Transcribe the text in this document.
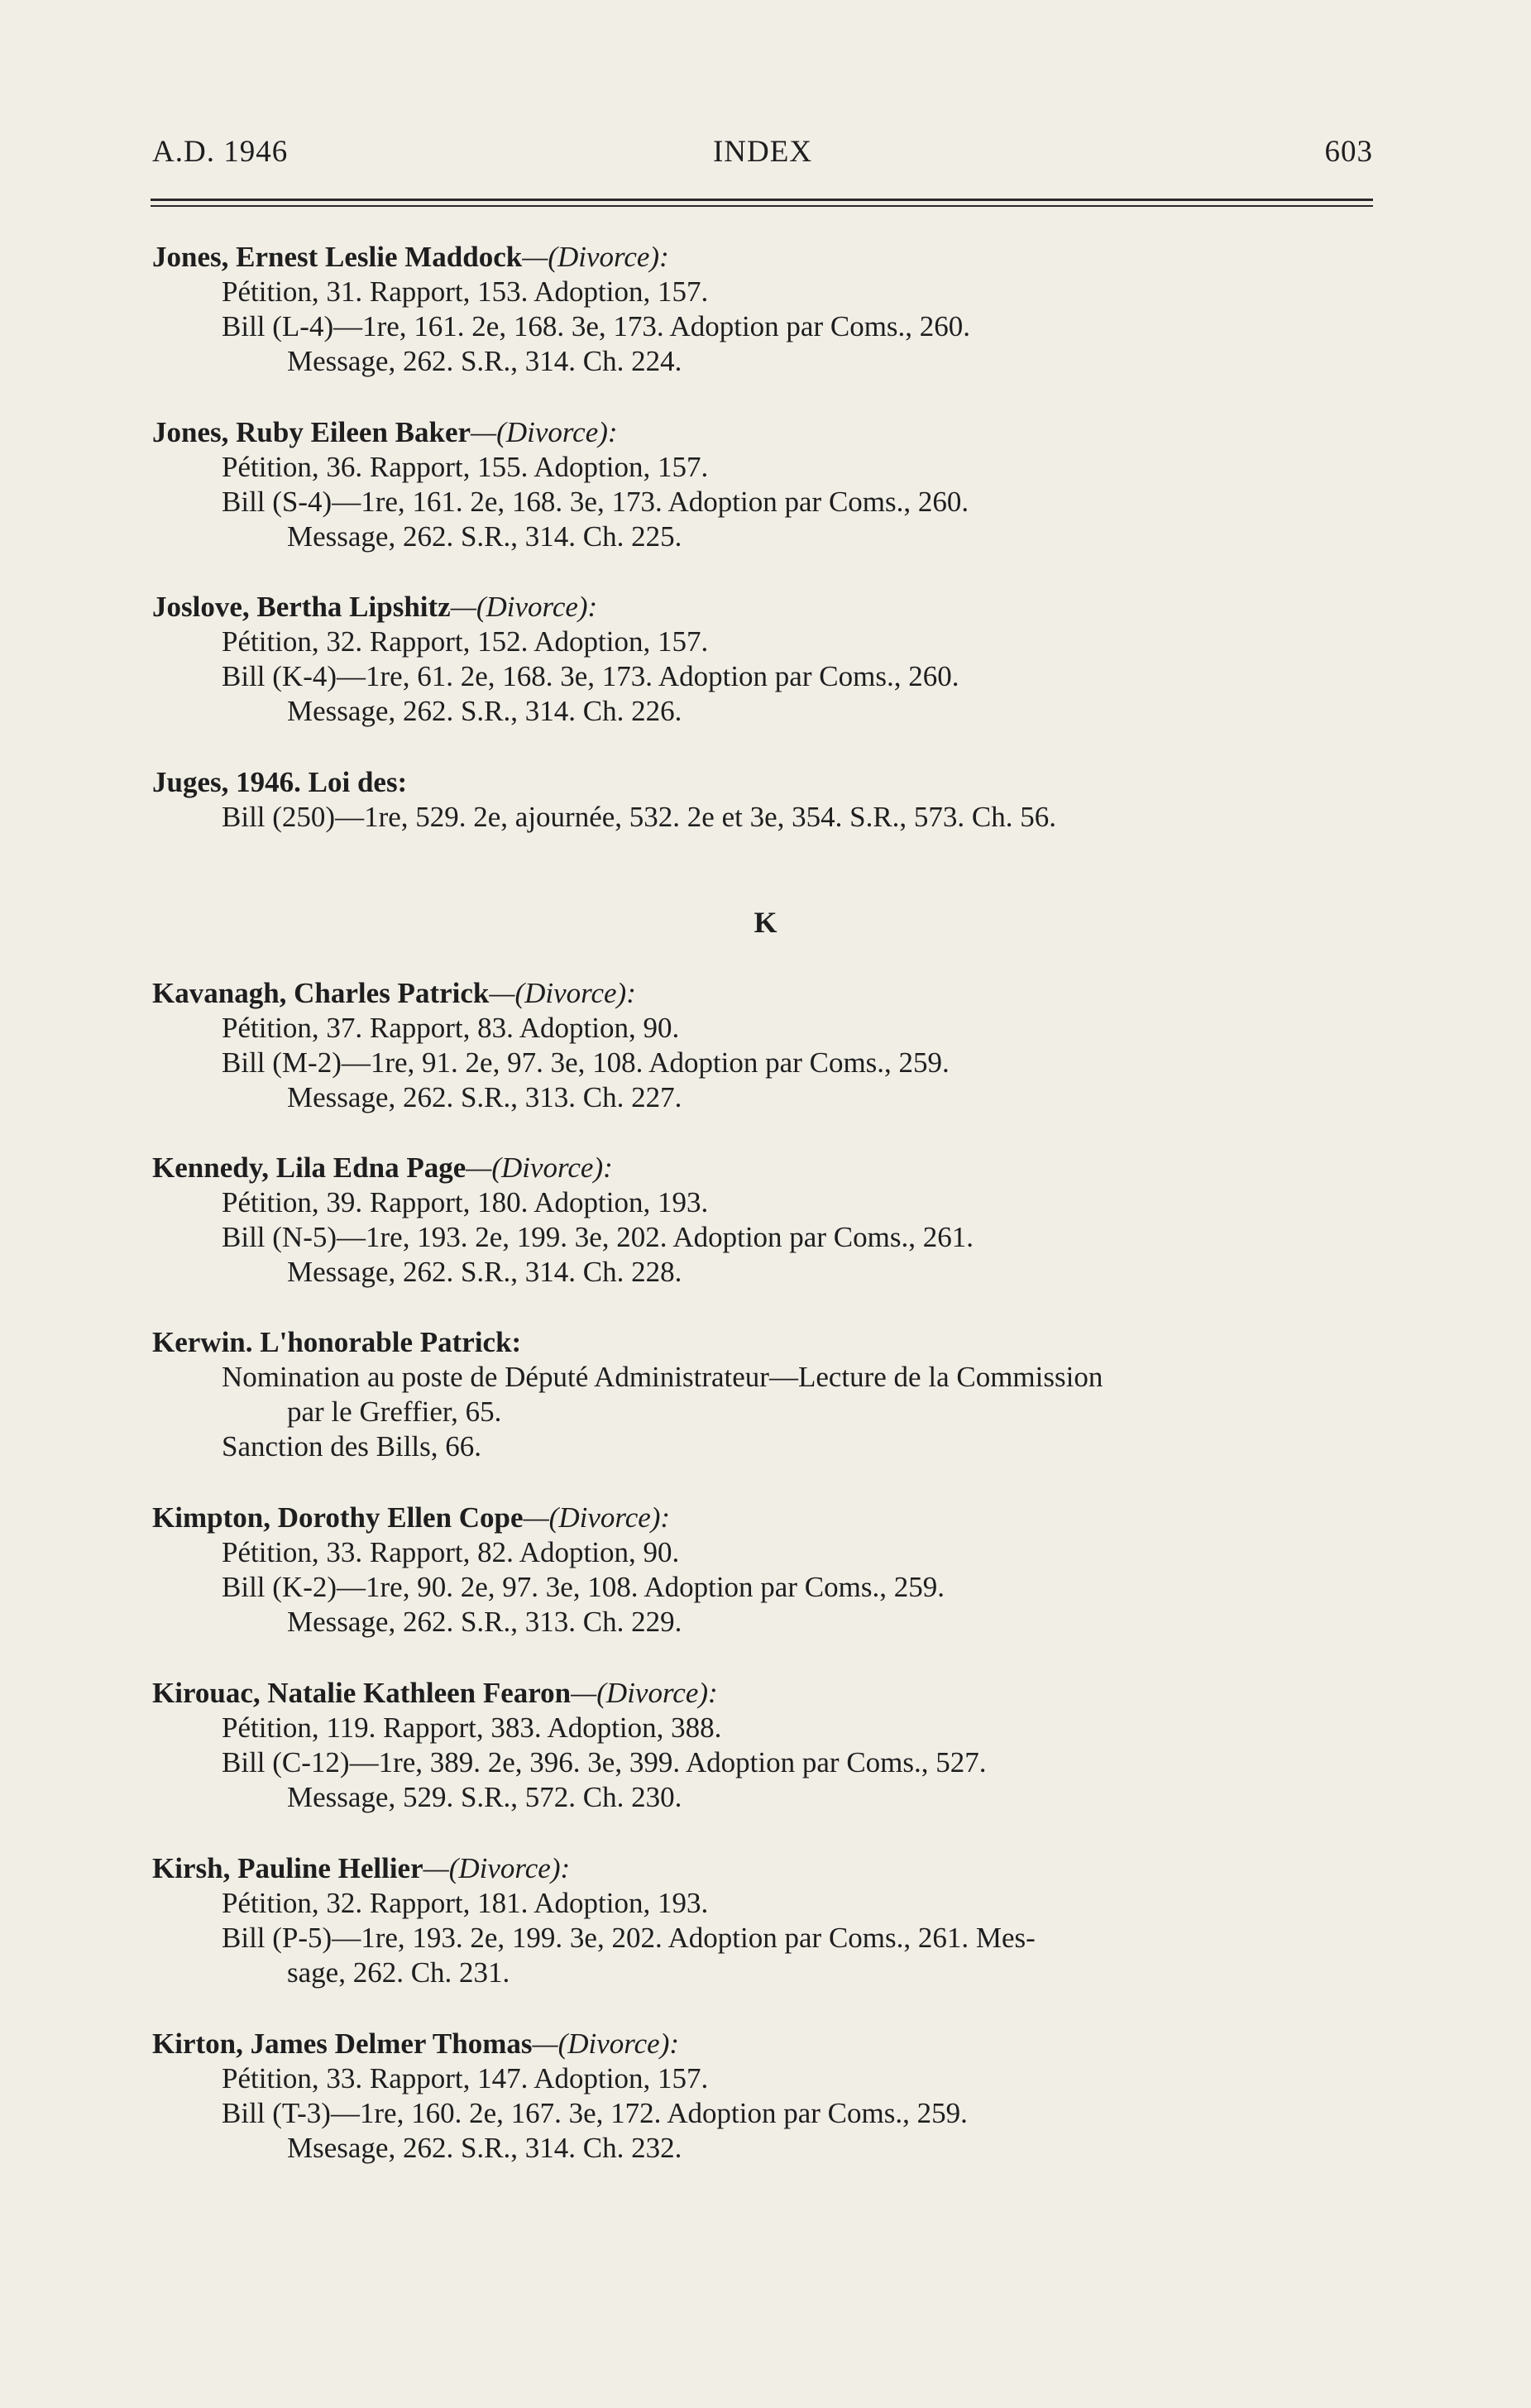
A.D. 1946	INDEX	603
Jones, Ernest Leslie Maddock—(Divorce):
Pétition, 31. Rapport, 153. Adoption, 157.
Bill (L-4)—1re, 161. 2e, 168. 3e, 173. Adoption par Coms., 260.
Message, 262. S.R., 314. Ch. 224.
Jones, Ruby Eileen Baker—(Divorce):
Pétition, 36. Rapport, 155. Adoption, 157.
Bill (S-4)—1re, 161. 2e, 168. 3e, 173. Adoption par Coms., 260.
Message, 262. S.R., 314. Ch. 225.
Joslove, Bertha Lipshitz—(Divorce):
Pétition, 32. Rapport, 152. Adoption, 157.
Bill (K-4)—1re, 61. 2e, 168. 3e, 173. Adoption par Coms., 260.
Message, 262. S.R., 314. Ch. 226.
Juges, 1946. Loi des:
Bill (250)—1re, 529. 2e, ajournée, 532. 2e et 3e, 354. S.R., 573. Ch. 56.
K
Kavanagh, Charles Patrick—(Divorce):
Pétition, 37. Rapport, 83. Adoption, 90.
Bill (M-2)—1re, 91. 2e, 97. 3e, 108. Adoption par Coms., 259.
Message, 262. S.R., 313. Ch. 227.
Kennedy, Lila Edna Page—(Divorce):
Pétition, 39. Rapport, 180. Adoption, 193.
Bill (N-5)—1re, 193. 2e, 199. 3e, 202. Adoption par Coms., 261.
Message, 262. S.R., 314. Ch. 228.
Kerwin. L'honorable Patrick:
Nomination au poste de Député Administrateur—Lecture de la Commission
par le Greffier, 65.
Sanction des Bills, 66.
Kimpton, Dorothy Ellen Cope—(Divorce):
Pétition, 33. Rapport, 82. Adoption, 90.
Bill (K-2)—1re, 90. 2e, 97. 3e, 108. Adoption par Coms., 259.
Message, 262. S.R., 313. Ch. 229.
Kirouac, Natalie Kathleen Fearon—(Divorce):
Pétition, 119. Rapport, 383. Adoption, 388.
Bill (C-12)—1re, 389. 2e, 396. 3e, 399. Adoption par Coms., 527.
Message, 529. S.R., 572. Ch. 230.
Kirsh, Pauline Hellier—(Divorce):
Pétition, 32. Rapport, 181. Adoption, 193.
Bill (P-5)—1re, 193. 2e, 199. 3e, 202. Adoption par Coms., 261. Mes-
sage, 262. Ch. 231.
Kirton, James Delmer Thomas—(Divorce):
Pétition, 33. Rapport, 147. Adoption, 157.
Bill (T-3)—1re, 160. 2e, 167. 3e, 172. Adoption par Coms., 259.
Msesage, 262. S.R., 314. Ch. 232.
